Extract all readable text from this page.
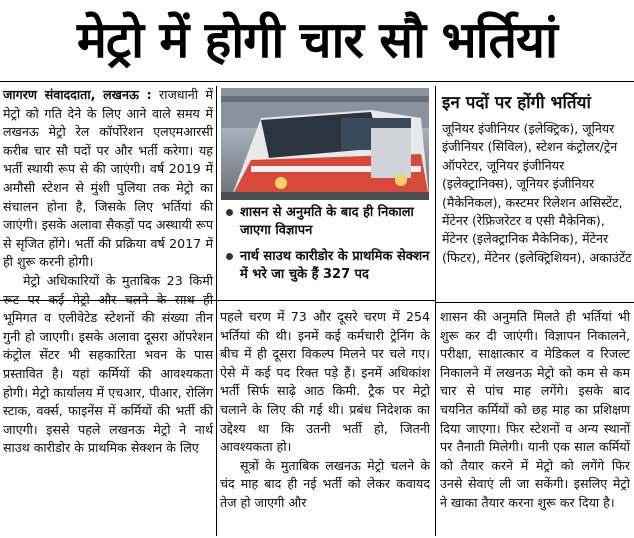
मेट्रो में होगी चार सौ भर्तियां

जागरण संवाददाता, लखनऊ : राजधानी में मेट्रो को गति देने के लिए आने वाले समय में लखनऊ मेट्रो रेल कॉर्पोरेशन एलएमआरसी करीब चार सौ पदों पर और भर्ती करेगा। यह भर्ती स्थायी रूप से की जाएंगी। वर्ष 2019 में अमौसी स्टेशन से मुंशी पुलिया तक मेट्रो का संचालन होना है, जिसके लिए भर्तियां की जाएंगी। इसके अलावा सैकड़ों पद अस्थायी रूप से सृजित होंगे। भर्ती की प्रक्रिया वर्ष 2017 में ही शुरू करनी होगी।

मेट्रो अधिकारियों के मुताबिक 23 किमी भूमिगत व एलीवेटेड स्टेशनों की संख्या तीन गुनी हो जाएगी। इसके अलावा दूसरा ऑपरेशन कंट्रोल सेंटर भी सहकारिता भवन के पास प्रस्तावित है। यहां कर्मियों की आवश्यकता होगी। मेट्रो कार्यालय में एचआर, पीआर, रोलिंग स्टाक, वर्क्स, फाइनेंस में कर्मियों की भर्ती की जाएगी। इससे पहले लखनऊ मेट्रो ने नार्थ साउथ कारीडोर के प्राथमिक सेक्शन के लिए

शासन से अनुमति के बाद ही निकाला जाएगा विज्ञापन
नार्थ साउथ कारीडोर के प्राथमिक सेक्शन में भरे जा चुके हैं 327 पद

पहले चरण में 73 और दूसरे चरण में 254 भर्तियां की थी। इनमें कई कर्मचारी ट्रेनिंग के बीच में ही दूसरा विकल्प मिलने पर चले गए। ऐसे में कई पद रिक्त पड़े हैं। इनमें अधिकांश भर्ती सिर्फ साढ़े आठ किमी. ट्रैक पर मेट्रो चलाने के लिए की गई थी। प्रबंध निदेशक का उद्देश्य था कि उतनी भर्ती हो, जितनी आवश्यकता हो।

सूत्रों के मुताबिक लखनऊ मेट्रो चलने के चंद माह बाद ही नई भर्ती को लेकर कवायद तेज हो जाएगी और

इन पदों पर होंगी भर्तियां
जूनियर इंजीनियर (इलेक्ट्रिक), जूनियर इंजीनियर (सिविल), स्टेशन कंट्रोलर/ट्रेन ऑपरेटर, जूनियर इंजीनियर (इलेक्ट्रानिक्स), जूनियर इंजीनियर (मैकेनिकल), कस्टमर रिलेशन असिस्टेंट, मेंटेनर (रेफ्रिजरेटर व एसी मैकेनिक), मेंटेनर (इलेक्ट्रानिक मैकेनिक), मेंटेनर (फिटर), मेंटेनर (इलेक्ट्रिशियन), अकाउंटेंट

शासन की अनुमति मिलते ही भर्तियां भी शुरू कर दी जाएंगी। विज्ञापन निकालने, परीक्षा, साक्षात्कार व मेडिकल व रिजल्ट निकालने में लखनऊ मेट्रो को कम से कम चार से पांच माह लगेंगे। इसके बाद चयनित कर्मियों को छह माह का प्रशिक्षण दिया जाएगा। फिर स्टेशनों व अन्य स्थानों पर तैनाती मिलेगी। यानी एक साल कर्मियों को तैयार करने में मेट्रो को लगेंगे फिर उनसे सेवाएं ली जा सकेंगी। इसलिए मेट्रो ने खाका तैयार करना शुरू कर दिया है।
